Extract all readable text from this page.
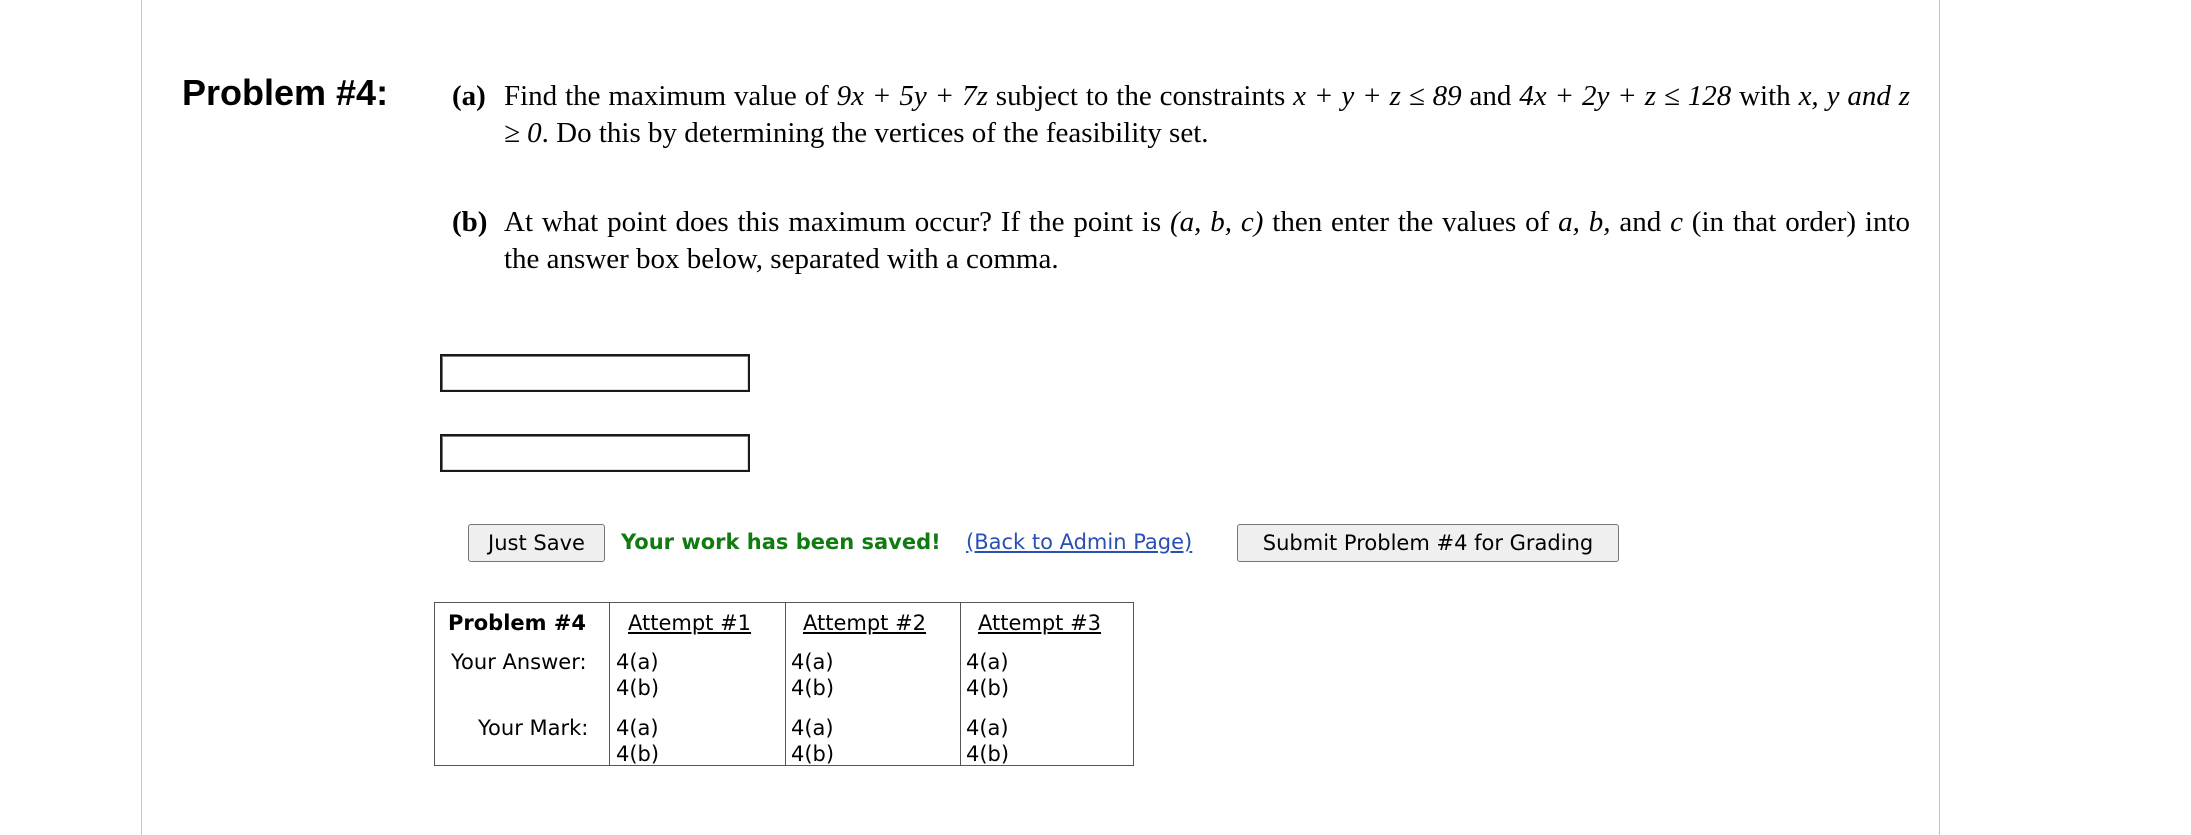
Problem #4: (a) Find the maximum value of 9x + 5y + 7z subject to the constraints x + y + z ≤ 89 and 4x + 2y + z ≤ 128 with x, y and z ≥ 0. Do this by determining the vertices of the feasibility set.
(b) At what point does this maximum occur? If the point is (a, b, c) then enter the values of a, b, and c (in that order) into the answer box below, separated with a comma.
Just Save	Your work has been saved! (Back to Admin Page)	Submit Problem #4 for Grading
Problem #4 Attempt #1 Attempt #2 Attempt #3
Your Answer: 4(a)
4(b)
4(a)
4(b)
4(a)
4(b)
Your Mark: 4(a)
4(b)
4(a)
4(b)
4(a)
4(b)
